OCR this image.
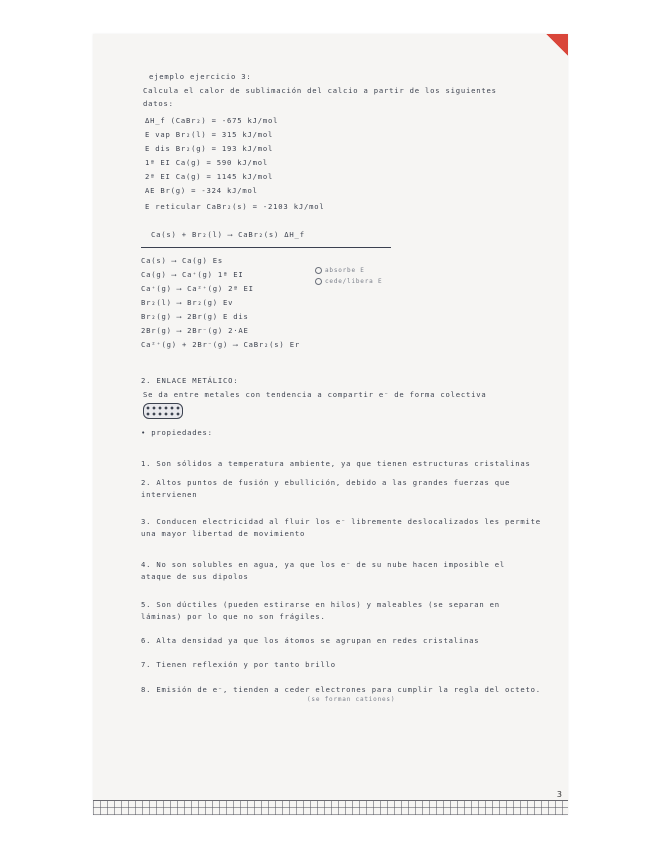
ejemplo ejercicio 3:
Calcula el calor de sublimación del calcio a partir de los siguientes
datos:
ΔH_f (CaBr₂) = -675 kJ/mol
E vap Br₂(l) = 315 kJ/mol
E dis Br₂(g) = 193 kJ/mol
1ª EI Ca(g) = 590 kJ/mol
2ª EI Ca(g) = 1145 kJ/mol
AE Br(g) = -324 kJ/mol
E reticular CaBr₂(s) = -2103 kJ/mol
Ca(s) + Br₂(l) ⟶ CaBr₂(s) ΔH_f
Ca(s) ⟶ Ca(g) Es
Ca(g) ⟶ Ca⁺(g) 1ª EI
Ca⁺(g) ⟶ Ca²⁺(g) 2ª EI
Br₂(l) ⟶ Br₂(g) Ev
Br₂(g) ⟶ 2Br(g) E dis
2Br(g) ⟶ 2Br⁻(g) 2·AE
Ca²⁺(g) + 2Br⁻(g) ⟶ CaBr₂(s) Er
absorbe E
cede/libera E
2. ENLACE METÁLICO:
Se da entre metales con tendencia a compartir e⁻ de forma colectiva
• propiedades:
1. Son sólidos a temperatura ambiente, ya que tienen estructuras cristalinas
2. Altos puntos de fusión y ebullición, debido a las grandes fuerzas que
intervienen
3. Conducen electricidad al fluir los e⁻ libremente deslocalizados les permite
una mayor libertad de movimiento
4. No son solubles en agua, ya que los e⁻ de su nube hacen imposible el
ataque de sus dipolos
5. Son dúctiles (pueden estirarse en hilos) y maleables (se separan en
láminas) por lo que no son frágiles.
6. Alta densidad ya que los átomos se agrupan en redes cristalinas
7. Tienen reflexión y por tanto brillo
8. Emisión de e⁻, tienden a ceder electrones para cumplir la regla del octeto.
(se forman cationes)
3
